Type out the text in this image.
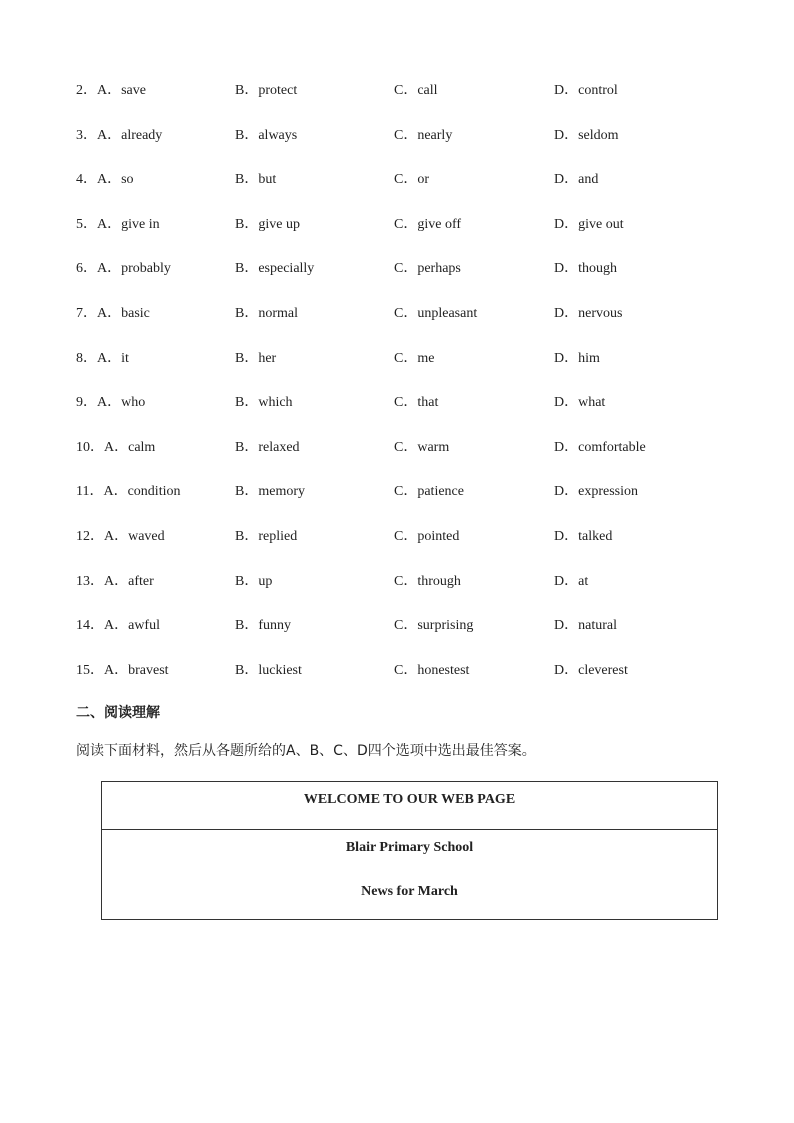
2．A．save	B．protect	C．call	D．control
3．A．already	B．always	C．nearly	D．seldom
4．A．so	B．but	C．or	D．and
5．A．give in	B．give up	C．give off	D．give out
6．A．probably	B．especially	C．perhaps	D．though
7．A．basic	B．normal	C．unpleasant	D．nervous
8．A．it	B．her	C．me	D．him
9．A．who	B．which	C．that	D．what
10．A．calm	B．relaxed	C．warm	D．comfortable
11．A．condition	B．memory	C．patience	D．expression
12．A．waved	B．replied	C．pointed	D．talked
13．A．after	B．up	C．through	D．at
14．A．awful	B．funny	C．surprising	D．natural
15．A．bravest	B．luckiest	C．honestest	D．cleverest
二、阅读理解
阅读下面材料，然后从各题所给的A、B、C、D四个选项中选出最佳答案。
WELCOME TO OUR WEB PAGE
Blair Primary School
News for March
